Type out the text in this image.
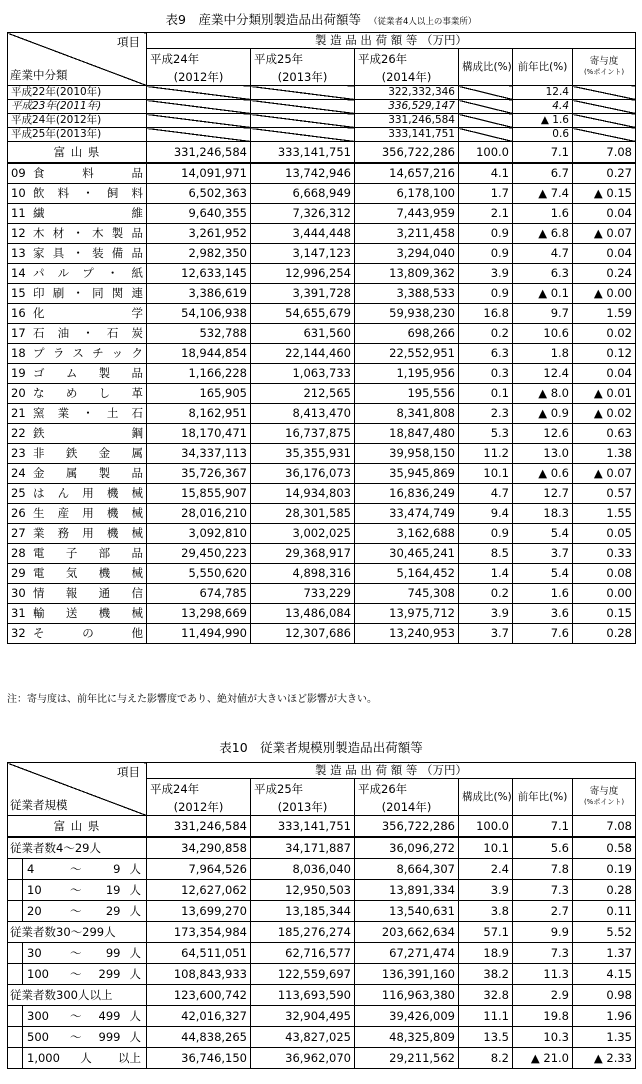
表9　産業中分類別製造品出荷額等 （従業者4人以上の事業所）
項目
産業中分類	製 造 品 出 荷 額 等 （万円）					
	平成24年	平成25年	平成26年	構成比(%)	前年比(%)	寄与度
(%ポイント)

	(2012年)	(2013年)	(2014年)			
平成22年(2010年)			322,332,346		12.4	
平成23年(2011年)			336,529,147		4.4	
平成24年(2012年)			331,246,584		▲ 1.6	
平成25年(2013年)			333,141,751		0.6	
富 山 県	331,246,584	333,141,751	356,722,286	100.0	7.1	7.08

09 食　料　品	14,091,971	13,742,946	14,657,216	4.1	6.7	0.27

10 飲料・飼料	6,502,363	6,668,949	6,178,100	1.7	▲ 7.4	▲ 0.15

11 繊　　　維	9,640,355	7,326,312	7,443,959	2.1	1.6	0.04

12 木材・木製品	3,261,952	3,444,448	3,211,458	0.9	▲ 6.8	▲ 0.07

13 家具・装備品	2,982,350	3,147,123	3,294,040	0.9	4.7	0.04

14 パルプ・紙	12,633,145	12,996,254	13,809,362	3.9	6.3	0.24

15 印刷・同関連	3,386,619	3,391,728	3,388,533	0.9	▲ 0.1	▲ 0.00

16 化　　　学	54,106,938	54,655,679	59,938,230	16.8	9.7	1.59

17 石油・石炭	532,788	631,560	698,266	0.2	10.6	0.02

18 プラスチック	18,944,854	22,144,460	22,552,951	6.3	1.8	0.12

19 ゴ ム 製 品	1,166,228	1,063,733	1,195,956	0.3	12.4	0.04

20 なめし革	165,905	212,565	195,556	0.1	▲ 8.0	▲ 0.01

21 窯業・土石	8,162,951	8,413,470	8,341,808	2.3	▲ 0.9	▲ 0.02

22 鉄　　　鋼	18,170,471	16,737,875	18,847,480	5.3	12.6	0.63

23 非 鉄 金 属	34,337,113	35,355,931	39,958,150	11.2	13.0	1.38

24 金 属 製 品	35,726,367	36,176,073	35,945,869	10.1	▲ 0.6	▲ 0.07

25 はん用機械	15,855,907	14,934,803	16,836,249	4.7	12.7	0.57

26 生産用機械	28,016,210	28,301,585	33,474,749	9.4	18.3	1.55

27 業務用機械	3,092,810	3,002,025	3,162,688	0.9	5.4	0.05

28 電 子 部 品	29,450,223	29,368,917	30,465,241	8.5	3.7	0.33

29 電 気 機 械	5,550,620	4,898,316	5,164,452	1.4	5.4	0.08

30 情 報 通 信	674,785	733,229	745,308	0.2	1.6	0.00

31 輸 送 機 械	13,298,669	13,486,084	13,975,712	3.9	3.6	0.15

32 そ　の　他	11,494,990	12,307,686	13,240,953	3.7	7.6	0.28
注：寄与度は、前年比に与えた影響度であり、絶対値が大きいほど影響が大きい。
表10　従業者規模別製造品出荷額等
項目
従業者規模	製 造 品 出 荷 額 等 （万円）					
	平成24年	平成25年	平成26年	構成比(%)	前年比(%)	寄与度
(%ポイント)

	(2012年)	(2013年)	(2014年)			
富 山 県	331,246,584	333,141,751	356,722,286	100.0	7.1	7.08
従業者数4～29人	34,290,858	34,171,887	36,096,272	10.1	5.6	0.58

4 ～ 9 人	7,964,526	8,036,040	8,664,307	2.4	7.8	0.19

10 ～ 19 人	12,627,062	12,950,503	13,891,334	3.9	7.3	0.28

20 ～ 29 人	13,699,270	13,185,344	13,540,631	3.8	2.7	0.11
従業者数30～299人	173,354,984	185,276,274	203,662,634	57.1	9.9	5.52

30 ～ 99 人	64,511,051	62,716,577	67,271,474	18.9	7.3	1.37

100 ～ 299 人	108,843,933	122,559,697	136,391,160	38.2	11.3	4.15
従業者数300人以上	123,600,742	113,693,590	116,963,380	32.8	2.9	0.98

300 ～ 499 人	42,016,327	32,904,495	39,426,009	11.1	19.8	1.96

500 ～ 999 人	44,838,265	43,827,025	48,325,809	13.5	10.3	1.35

1,000 人 以上	36,746,150	36,962,070	29,211,562	8.2	▲ 21.0	▲ 2.33
